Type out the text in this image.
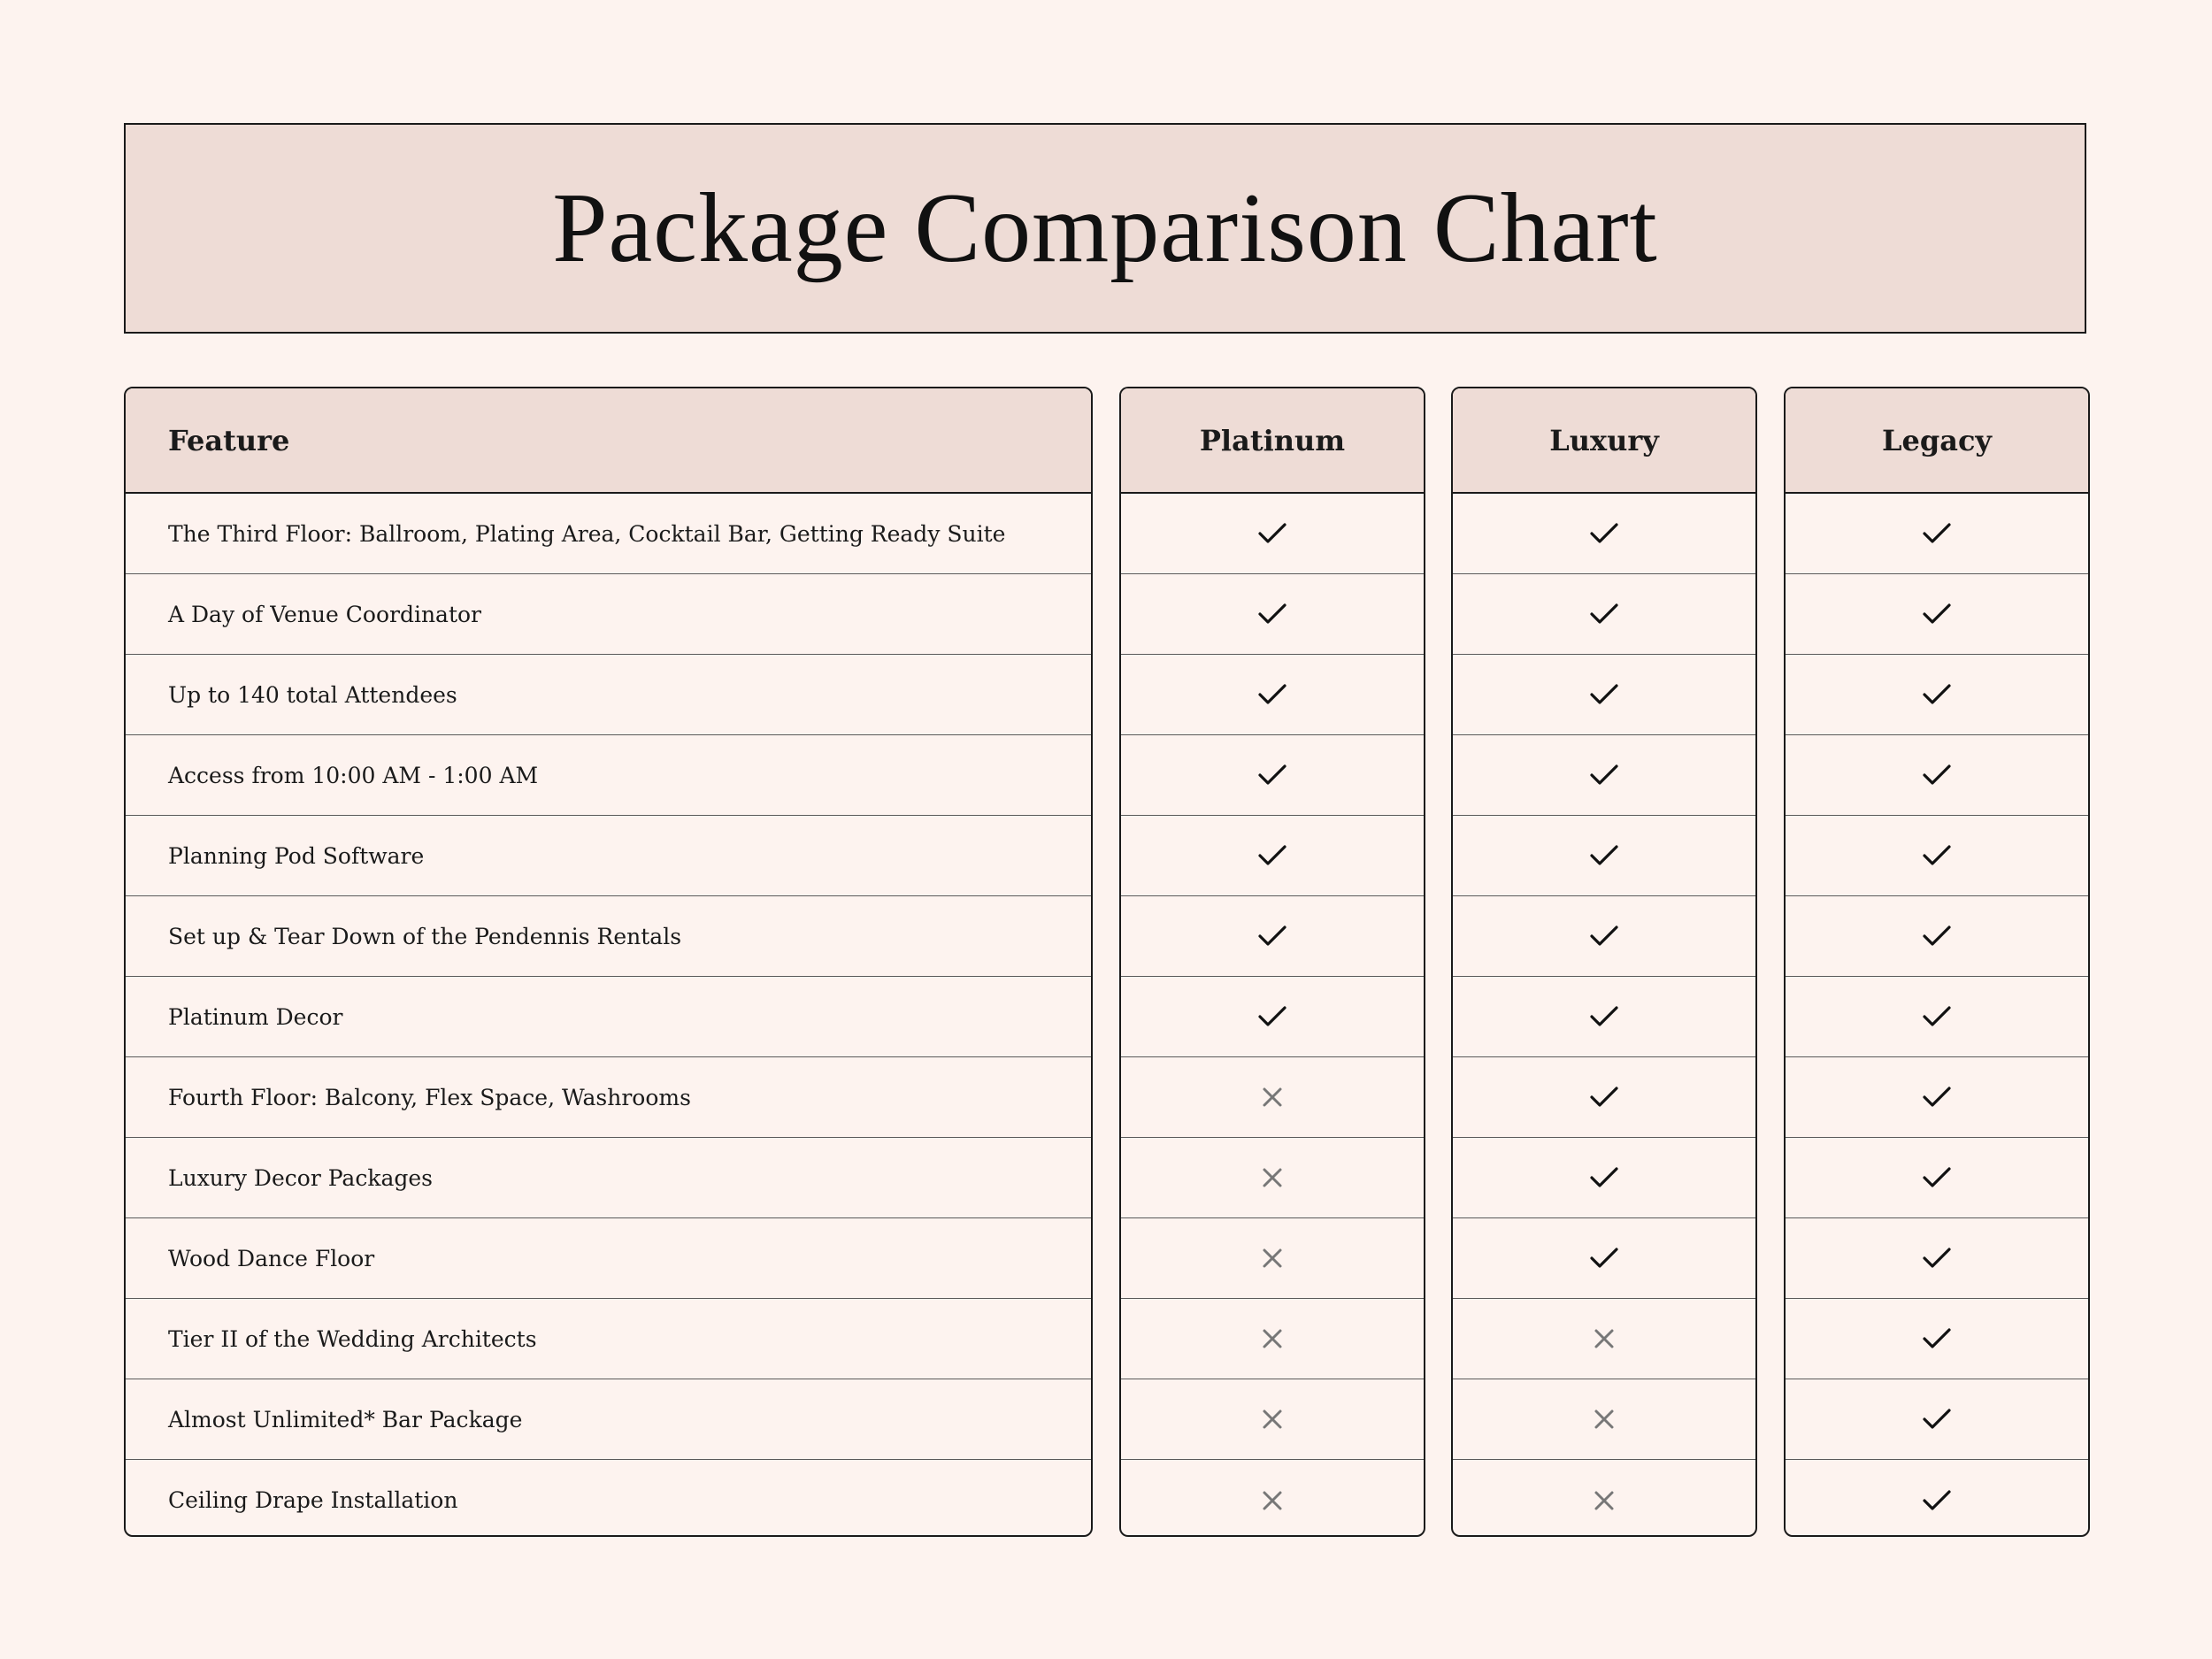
Package Comparison Chart
Feature
The Third Floor: Ballroom, Plating Area, Cocktail Bar, Getting Ready Suite
A Day of Venue Coordinator
Up to 140 total Attendees
Access from 10:00 AM - 1:00 AM
Planning Pod Software
Set up & Tear Down of the Pendennis Rentals
Platinum Decor
Fourth Floor: Balcony, Flex Space, Washrooms
Luxury Decor Packages
Wood Dance Floor
Tier II of the Wedding Architects
Almost Unlimited* Bar Package
Ceiling Drape Installation
Platinum	Luxury	Legacy
